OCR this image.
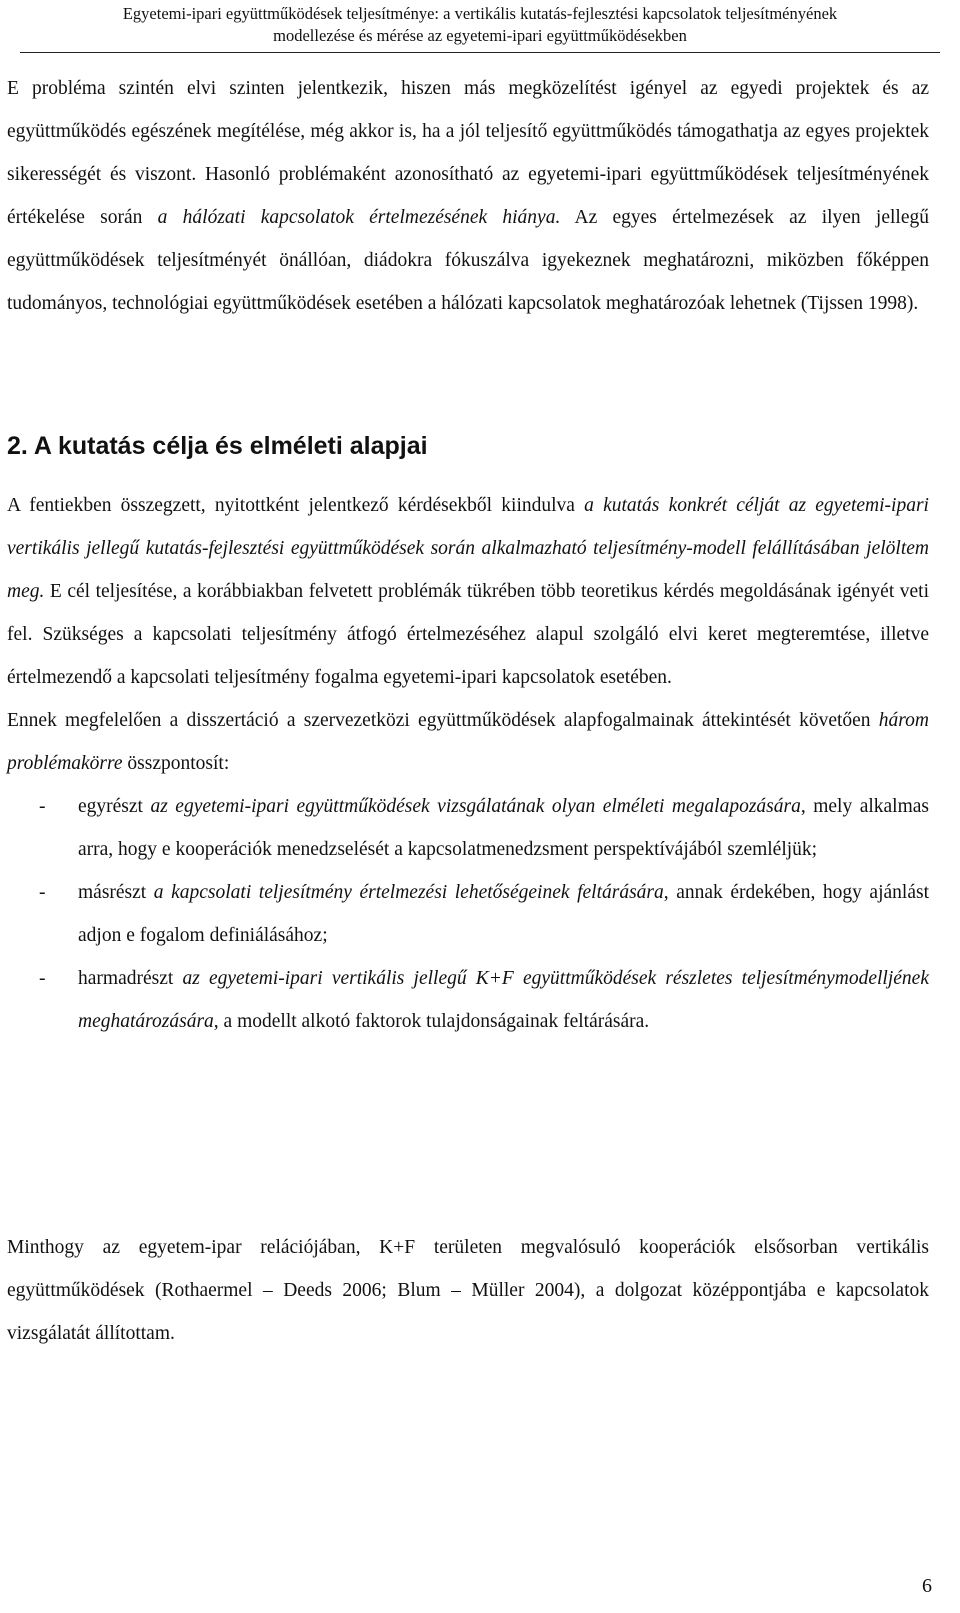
Egyetemi-ipari együttműködések teljesítménye: a vertikális kutatás-fejlesztési kapcsolatok teljesítményének
modellezése és mérése az egyetemi-ipari együttműködésekben

E probléma szintén elvi szinten jelentkezik, hiszen más megközelítést igényel az egyedi projektek és az együttműködés egészének megítélése, még akkor is, ha a jól teljesítő együttműködés támogathatja az egyes projektek sikerességét és viszont. Hasonló problémaként azonosítható az egyetemi-ipari együttműködések teljesítményének értékelése során a hálózati kapcsolatok értelmezésének hiánya. Az egyes értelmezések az ilyen jellegű együttműködések teljesítményét önállóan, diádokra fókuszálva igyekeznek meghatározni, miközben főképpen tudományos, technológiai együttműködések esetében a hálózati kapcsolatok meghatározóak lehetnek (Tijssen 1998).

2. A kutatás célja és elméleti alapjai

A fentiekben összegzett, nyitottként jelentkező kérdésekből kiindulva a kutatás konkrét célját az egyetemi-ipari vertikális jellegű kutatás-fejlesztési együttműködések során alkalmazható teljesítmény-modell felállításában jelöltem meg. E cél teljesítése, a korábbiakban felvetett problémák tükrében több teoretikus kérdés megoldásának igényét veti fel. Szükséges a kapcsolati teljesítmény átfogó értelmezéséhez alapul szolgáló elvi keret megteremtése, illetve értelmezendő a kapcsolati teljesítmény fogalma egyetemi-ipari kapcsolatok esetében.

Ennek megfelelően a disszertáció a szervezetközi együttműködések alapfogalmainak áttekintését követően három problémakörre összpontosít:

- egyrészt az egyetemi-ipari együttműködések vizsgálatának olyan elméleti megalapozására, mely alkalmas arra, hogy e kooperációk menedzselését a kapcsolatmenedzsment perspektívájából szemléljük;

- másrészt a kapcsolati teljesítmény értelmezési lehetőségeinek feltárására, annak érdekében, hogy ajánlást adjon e fogalom definiálásához;

- harmadrészt az egyetemi-ipari vertikális jellegű K+F együttműködések részletes teljesítménymodelljének meghatározására, a modellt alkotó faktorok tulajdonságainak feltárására.

Minthogy az egyetem-ipar relációjában, K+F területen megvalósuló kooperációk elsősorban vertikális együttműködések (Rothaermel – Deeds 2006; Blum – Müller 2004), a dolgozat középpontjába e kapcsolatok vizsgálatát állítottam.

6
